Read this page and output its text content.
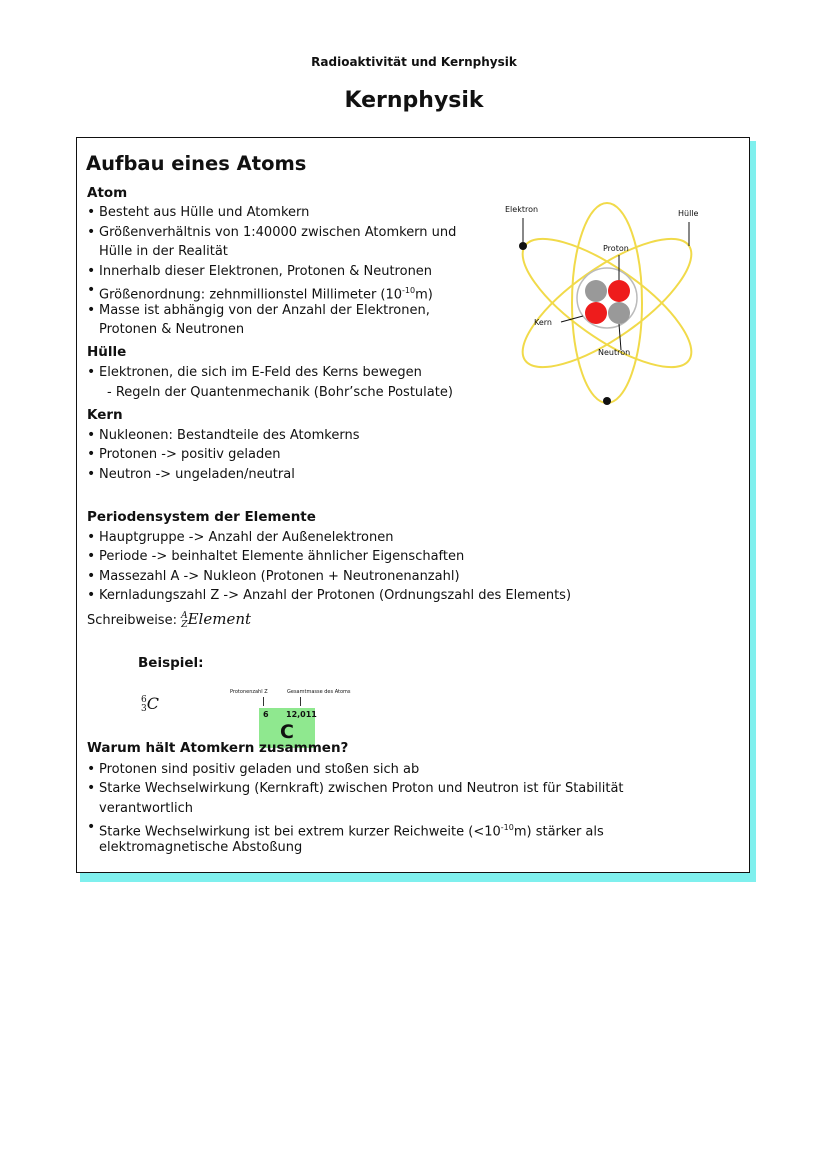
Radioaktivität und Kernphysik
Kernphysik
Aufbau eines Atoms
Atom
• Besteht aus Hülle und Atomkern
• Größenverhältnis von 1:40000 zwischen Atomkern und
Hülle in der Realität
• Innerhalb dieser Elektronen, Protonen & Neutronen
• Größenordnung: zehnmillionstel Millimeter $(10^{-10}m)$
• Masse ist abhängig von der Anzahl der Elektronen,
Protonen & Neutronen
Hülle
• Elektronen, die sich im E-Feld des Kerns bewegen
- Regeln der Quantenmechanik (Bohr’sche Postulate)
Kern
• Nukleonen: Bestandteile des Atomkerns
• Protonen -> positiv geladen
• Neutron -> ungeladen/neutral
Elektron	Hülle
Proton
Kern
Neutron
Periodensystem der Elemente
• Hauptgruppe -> Anzahl der Außenelektronen
• Periode -> beinhaltet Elemente ähnlicher Eigenschaften
• Massezahl A -> Nukleon (Protonen + Neutronenanzahl)
• Kernladungszahl Z -> Anzahl der Protonen (Ordnungszahl des Elements)
Schreibweise: A
Z Element
Beispiel:
6
3 C
Protonenzahl Z	Gesamtmasse des Atoms
6 12,011
C
Warum hält Atomkern zusammen?
• Protonen sind positiv geladen und stoßen sich ab
• Starke Wechselwirkung (Kernkraft) zwischen Proton und Neutron ist für Stabilität
verantwortlich
• Starke Wechselwirkung ist bei extrem kurzer Reichweite $(<10^{-10}m)$ stärker als
elektromagnetische Abstoßung
